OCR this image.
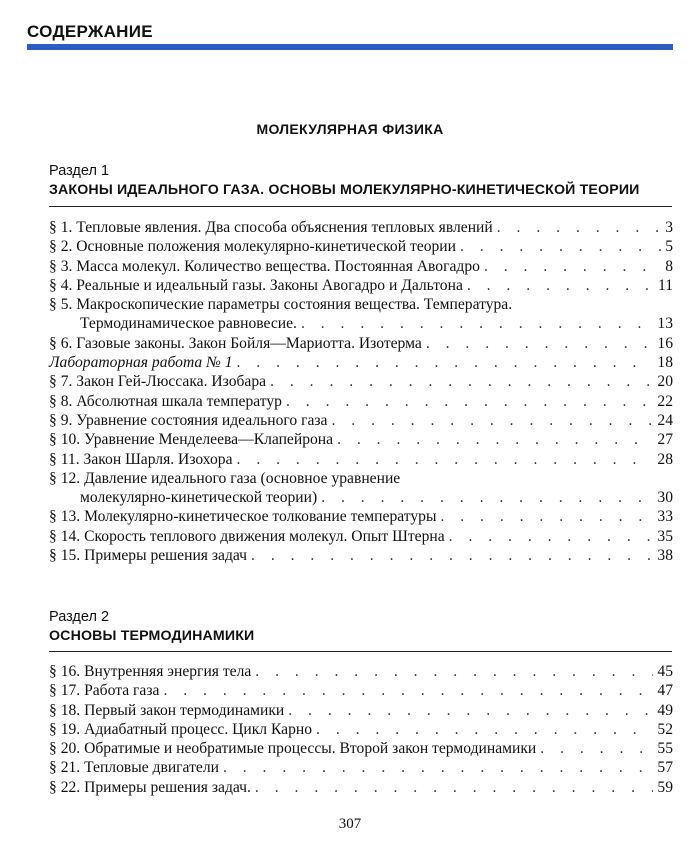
СОДЕРЖАНИЕ
МОЛЕКУЛЯРНАЯ ФИЗИКА
Раздел 1
ЗАКОНЫ ИДЕАЛЬНОГО ГАЗА. ОСНОВЫ МОЛЕКУЛЯРНО-КИНЕТИЧЕСКОЙ ТЕОРИИ
§ 1. Тепловые явления. Два способа объяснения тепловых явлений . . .	3
§ 2. Основные положения молекулярно-кинетической теории . . .	5
§ 3. Масса молекул. Количество вещества. Постоянная Авогадро . . .	8
§ 4. Реальные и идеальный газы. Законы Авогадро и Дальтона . . .	11
§ 5. Макроскопические параметры состояния вещества. Температура.
Термодинамическое равновесие. . . .	13
§ 6. Газовые законы. Закон Бойля—Мариотта. Изотерма . . .	16
Лабораторная работа № 1 . . .	18
§ 7. Закон Гей-Люссака. Изобара . . .	20
§ 8. Абсолютная шкала температур . . .	22
§ 9. Уравнение состояния идеального газа . . .	24
§ 10. Уравнение Менделеева—Клапейрона . . .	27
§ 11. Закон Шарля. Изохора . . .	28
§ 12. Давление идеального газа (основное уравнение
молекулярно-кинетической теории) . . .	30
§ 13. Молекулярно-кинетическое толкование температуры . . .	33
§ 14. Скорость теплового движения молекул. Опыт Штерна . . .	35
§ 15. Примеры решения задач . . .	38
Раздел 2
ОСНОВЫ ТЕРМОДИНАМИКИ
§ 16. Внутренняя энергия тела . . .	45
§ 17. Работа газа . . .	47
§ 18. Первый закон термодинамики . . .	49
§ 19. Адиабатный процесс. Цикл Карно . . .	52
§ 20. Обратимые и необратимые процессы. Второй закон термодинамики . . .	55
§ 21. Тепловые двигатели . . .	57
§ 22. Примеры решения задач. . . .	59
307
